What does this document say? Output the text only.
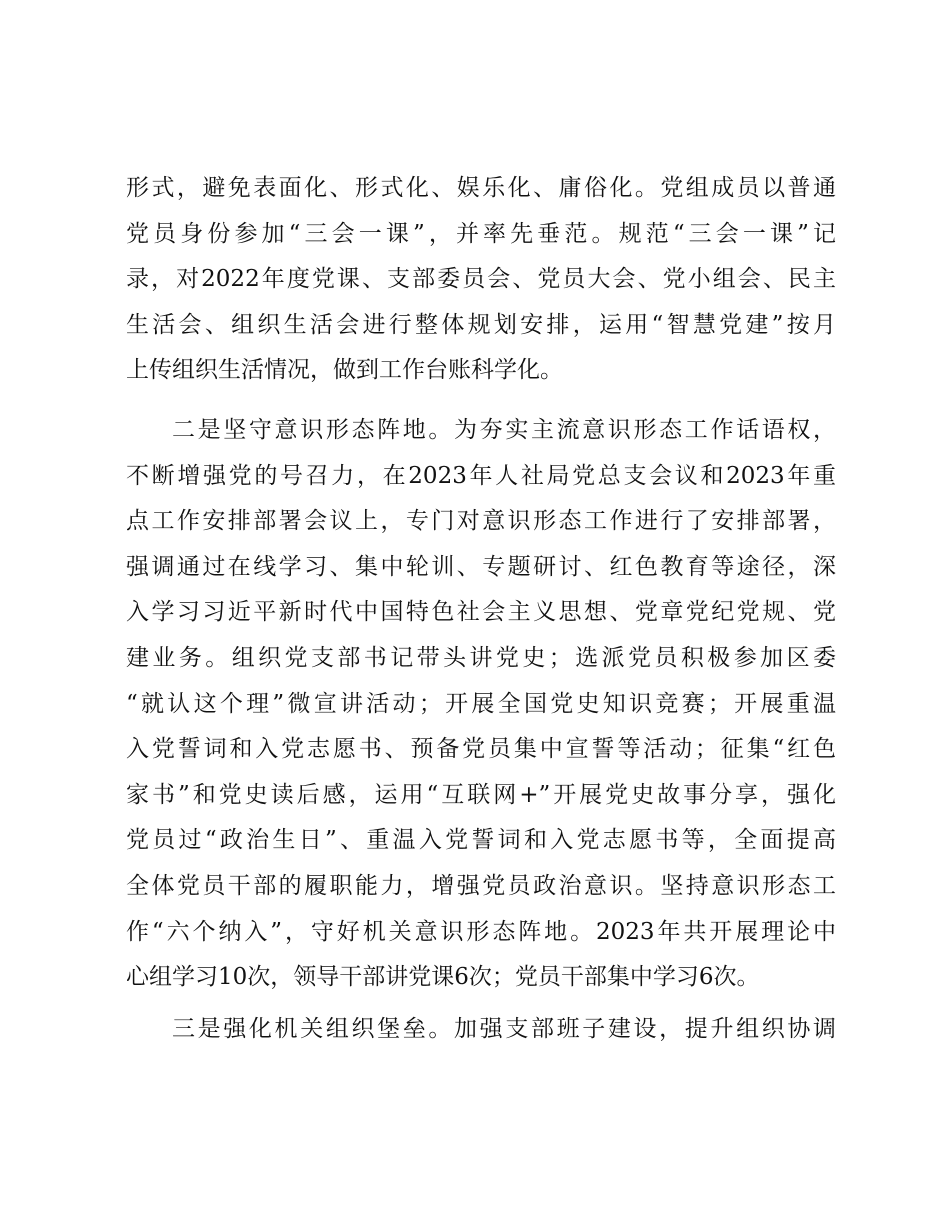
形式，避免表面化、形式化、娱乐化、庸俗化。党组成员以普通
党员身份参加“三会一课”，并率先垂范。规范“三会一课”记
录，对2022年度党课、支部委员会、党员大会、党小组会、民主
生活会、组织生活会进行整体规划安排，运用“智慧党建”按月
上传组织生活情况，做到工作台账科学化。
二是坚守意识形态阵地。为夯实主流意识形态工作话语权，
不断增强党的号召力，在2023年人社局党总支会议和2023年重
点工作安排部署会议上，专门对意识形态工作进行了安排部署，
强调通过在线学习、集中轮训、专题研讨、红色教育等途径，深
入学习习近平新时代中国特色社会主义思想、党章党纪党规、党
建业务。组织党支部书记带头讲党史；选派党员积极参加区委
“就认这个理”微宣讲活动；开展全国党史知识竞赛；开展重温
入党誓词和入党志愿书、预备党员集中宣誓等活动；征集“红色
家书”和党史读后感，运用“互联网+”开展党史故事分享，强化
党员过“政治生日”、重温入党誓词和入党志愿书等，全面提高
全体党员干部的履职能力，增强党员政治意识。坚持意识形态工
作“六个纳入”，守好机关意识形态阵地。2023年共开展理论中
心组学习10次，领导干部讲党课6次；党员干部集中学习6次。
三是强化机关组织堡垒。加强支部班子建设，提升组织协调
